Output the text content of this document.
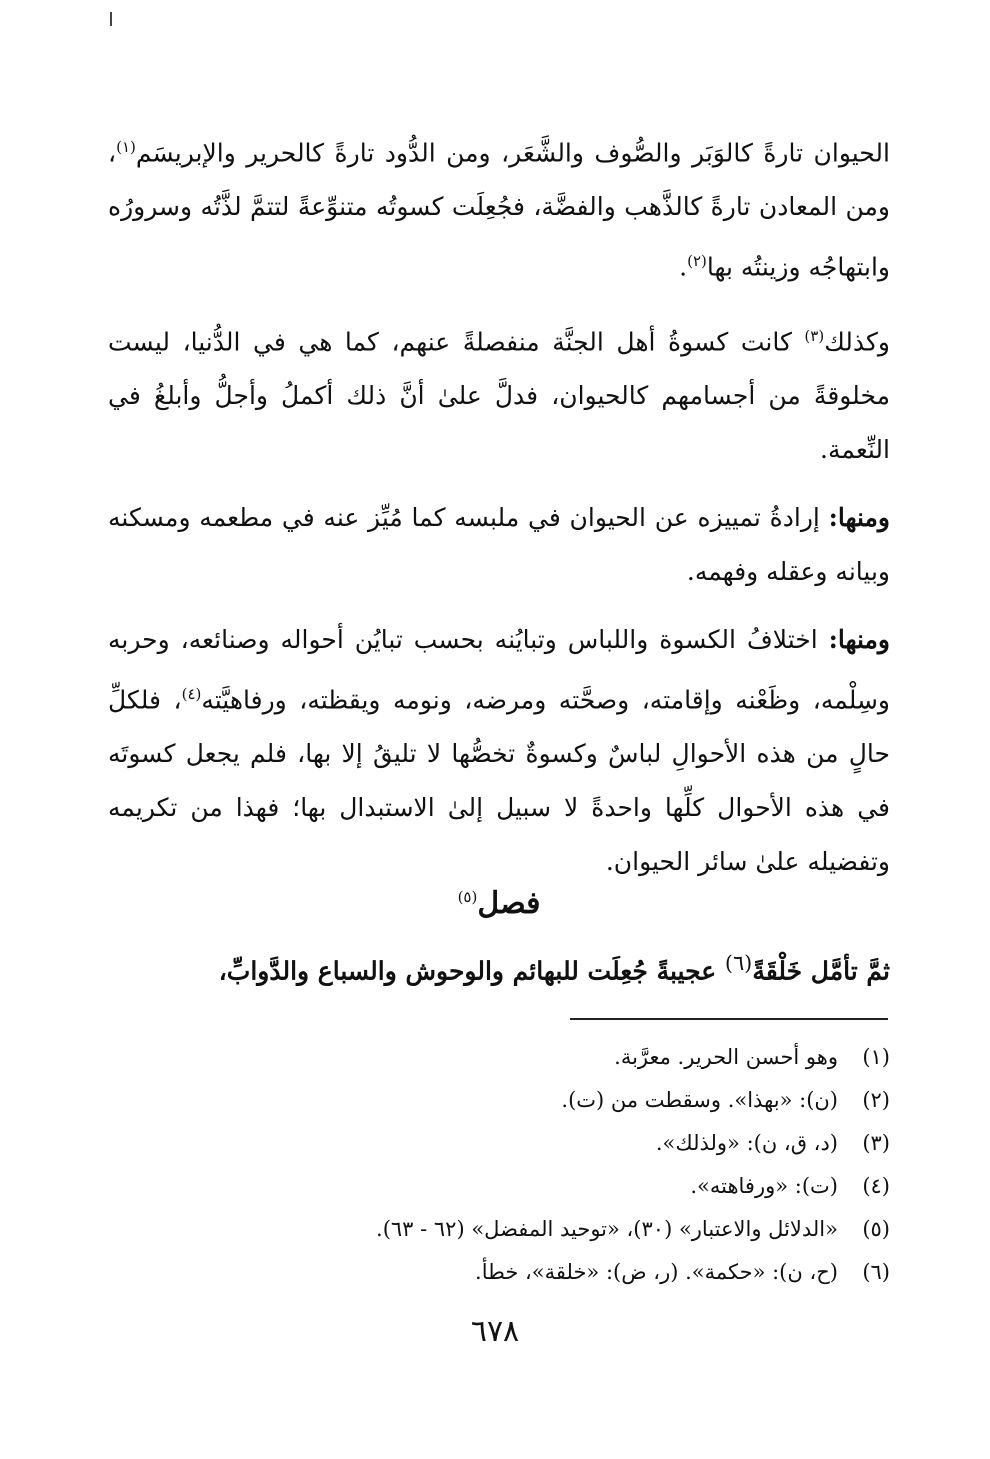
الحيوان تارةً كالوَبَر والصُّوف والشَّعَر، ومن الدُّود تارةً كالحرير والإبريسَم$^{(١)}$، ومن المعادن تارةً كالذَّهب والفضَّة، فجُعِلَت كسوتُه متنوِّعةً لتتمَّ لذَّتُه وسرورُه وابتهاجُه وزينتُه بها$^{(٢)}$.

وكذلك$^{(٣)}$ كانت كسوةُ أهل الجنَّة منفصلةً عنهم، كما هي في الدُّنيا، ليست مخلوقةً من أجسامهم كالحيوان، فدلَّ علىٰ أنَّ ذلك أكملُ وأجلُّ وأبلغُ في النِّعمة.

ومنها: إرادةُ تمييزه عن الحيوان في ملبسه كما مُيِّز عنه في مطعمه ومسكنه وبيانه وعقله وفهمه.

ومنها: اختلافُ الكسوة واللباس وتبايُنه بحسب تبايُن أحواله وصنائعه، وحربه وسِلْمه، وظَعْنه وإقامته، وصحَّته ومرضه، ونومه ويقظته، ورفاهيَّته$^{(٤)}$، فلكلِّ حالٍ من هذه الأحوالِ لباسٌ وكسوةٌ تخصُّها لا تليقُ إلا بها، فلم يجعل كسوتَه في هذه الأحوال كلِّها واحدةً لا سبيل إلىٰ الاستبدال بها؛ فهذا من تكريمه وتفضيله علىٰ سائر الحيوان.

فصل$^{(٥)}$
ثمَّ تأمَّل خَلْقَةً$^{(٦)}$ عجيبةً جُعِلَت للبهائم والوحوش والسباع والدَّوابِّ،
(١)وهو أحسن الحرير. معرَّبة.
(٢)(ن): «بهذا». وسقطت من (ت).
(٣)(د، ق، ن): «ولذلك».
(٤)(ت): «ورفاهته».
(٥)«الدلائل والاعتبار» (٣٠)، «توحيد المفضل» (٦٢ - ٦٣).
(٦)(ح، ن): «حكمة». (ر، ض): «خلقة»، خطأ.
٦٧٨
